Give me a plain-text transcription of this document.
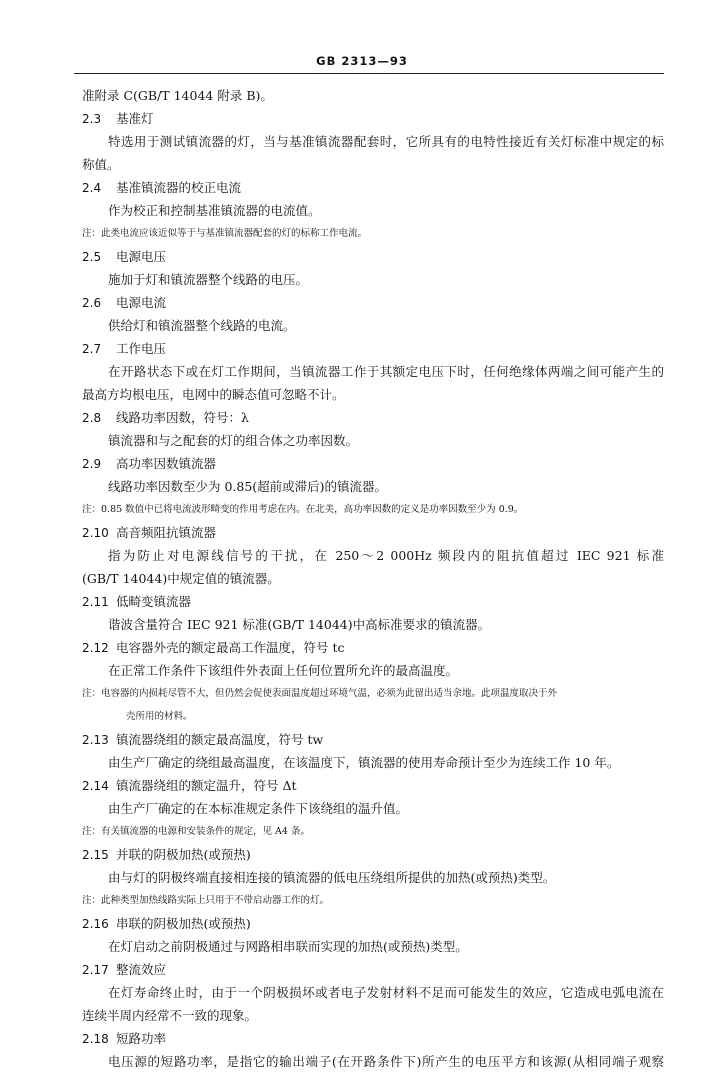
GB 2313—93
准附录 C(GB/T 14044 附录 B)。
2.3 基准灯
特选用于测试镇流器的灯，当与基准镇流器配套时，它所具有的电特性接近有关灯标准中规定的标
称值。
2.4 基准镇流器的校正电流
作为校正和控制基准镇流器的电流值。
注：此类电流应该近似等于与基准镇流器配套的灯的标称工作电流。
2.5 电源电压
施加于灯和镇流器整个线路的电压。
2.6 电源电流
供给灯和镇流器整个线路的电流。
2.7 工作电压
在开路状态下或在灯工作期间，当镇流器工作于其额定电压下时，任何绝缘体两端之间可能产生的
最高方均根电压，电网中的瞬态值可忽略不计。
2.8 线路功率因数，符号：λ
镇流器和与之配套的灯的组合体之功率因数。
2.9 高功率因数镇流器
线路功率因数至少为 0.85(超前或滞后)的镇流器。
注：0.85 数值中已将电流波形畸变的作用考虑在内。在北美，高功率因数的定义是功率因数至少为 0.9。
2.10 高音频阻抗镇流器
指为防止对电源线信号的干扰，在 250～2 000Hz 频段内的阻抗值超过 IEC 921 标准
(GB/T 14044)中规定值的镇流器。
2.11 低畸变镇流器
谐波含量符合 IEC 921 标准(GB/T 14044)中高标准要求的镇流器。
2.12 电容器外壳的额定最高工作温度，符号 tc
在正常工作条件下该组件外表面上任何位置所允许的最高温度。
注：电容器的内损耗尽管不大，但仍然会促使表面温度超过环境气温，必须为此留出适当余地。此项温度取决于外
壳所用的材料。
2.13 镇流器绕组的额定最高温度，符号 tw
由生产厂确定的绕组最高温度，在该温度下，镇流器的使用寿命预计至少为连续工作 10 年。
2.14 镇流器绕组的额定温升，符号 Δt
由生产厂确定的在本标准规定条件下该绕组的温升值。
注：有关镇流器的电源和安装条件的规定，见 A4 条。
2.15 并联的阴极加热(或预热)
由与灯的阴极终端直接相连接的镇流器的低电压绕组所提供的加热(或预热)类型。
注：此种类型加热线路实际上只用于不带启动器工作的灯。
2.16 串联的阴极加热(或预热)
在灯启动之前阴极通过与网路相串联而实现的加热(或预热)类型。
2.17 整流效应
在灯寿命终止时，由于一个阴极损坏或者电子发射材料不足而可能发生的效应，它造成电弧电流在
连续半周内经常不一致的现象。
2.18 短路功率
电压源的短路功率，是指它的输出端子(在开路条件下)所产生的电压平方和该源(从相同端子观察
